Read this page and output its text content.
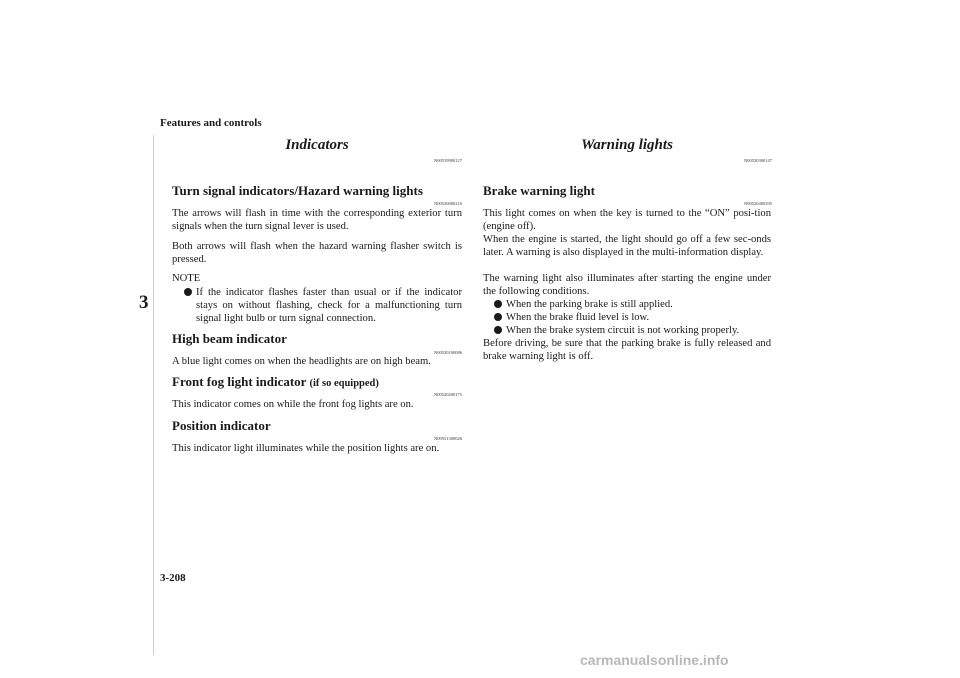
Features and controls
3
3-208
Indicators
N00519900127
Turn signal indicators/Hazard warning lights
N00520000216
The arrows will flash in time with the corresponding exterior turn signals when the turn signal lever is used.
Both arrows will flash when the hazard warning flasher switch is pressed.
NOTE
If the indicator flashes faster than usual or if the indicator stays on without flashing, check for a malfunctioning turn signal light bulb or turn signal connection.
High beam indicator
N00520100086
A blue light comes on when the headlights are on high beam.
Front fog light indicator (if so equipped)
N00520200175
This indicator comes on while the front fog lights are on.
Position indicator
N00551300026
This indicator light illuminates while the position lights are on.
Warning lights
N00520300147
Brake warning light
N00520400395
This light comes on when the key is turned to the “ON” posi-tion (engine off).
When the engine is started, the light should go off a few sec-onds later. A warning is also displayed in the multi-information display.
The warning light also illuminates after starting the engine under the following conditions.
When the parking brake is still applied.
When the brake fluid level is low.
When the brake system circuit is not working properly.
Before driving, be sure that the parking brake is fully released and brake warning light is off.
carmanualsonline.info
